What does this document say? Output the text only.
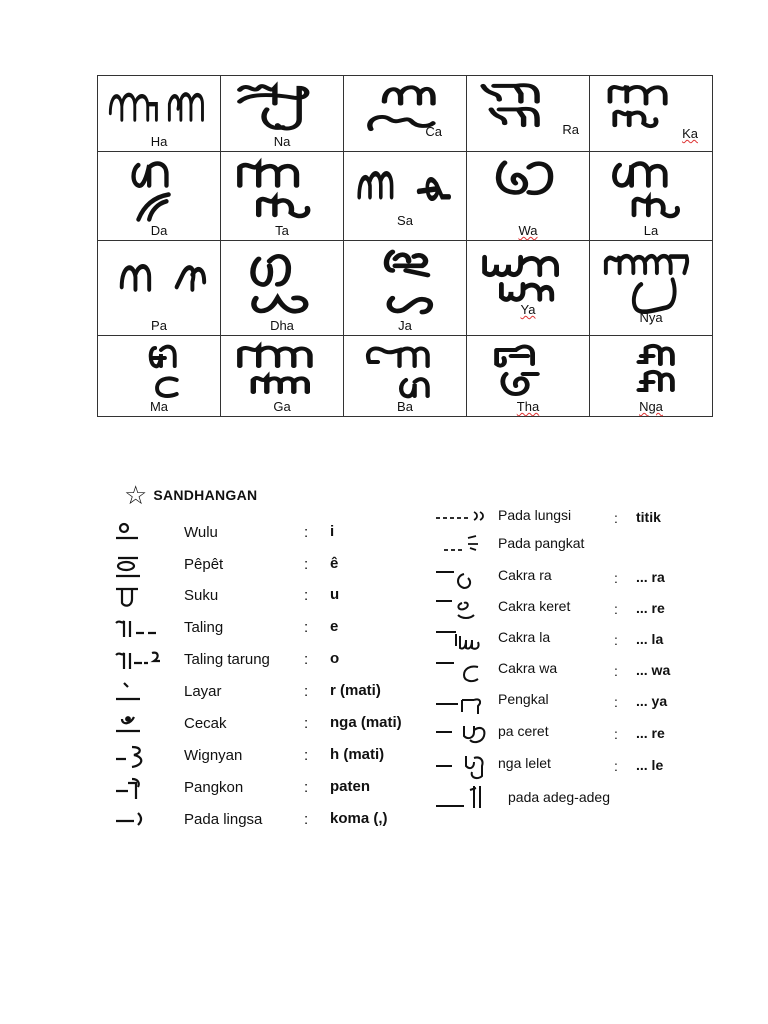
Ha	Na	Ca	Ra	Ka

Da	Ta	Sa	Wa	La

Pa	Dha	Ja	Ya	Nya

Ma	Ga	Ba	Tha	Nga
☆ SANDHANGAN
Wulu	: i
Pêpêt	: ê
Suku	: u
Taling	: e
Taling tarung : o
Layar	: r (mati)
Cecak	: nga (mati)
Wignyan	: h (mati)
Pangkon	: paten
Pada lingsa	: koma (,)
Pada lungsi	: titik
Pada pangkat
Cakra ra	: ... ra
Cakra keret	: ... re
Cakra la	: ... la
Cakra wa	: ... wa
Pengkal	: ... ya
pa ceret	: ... re
nga lelet	: ... le
pada adeg-adeg
